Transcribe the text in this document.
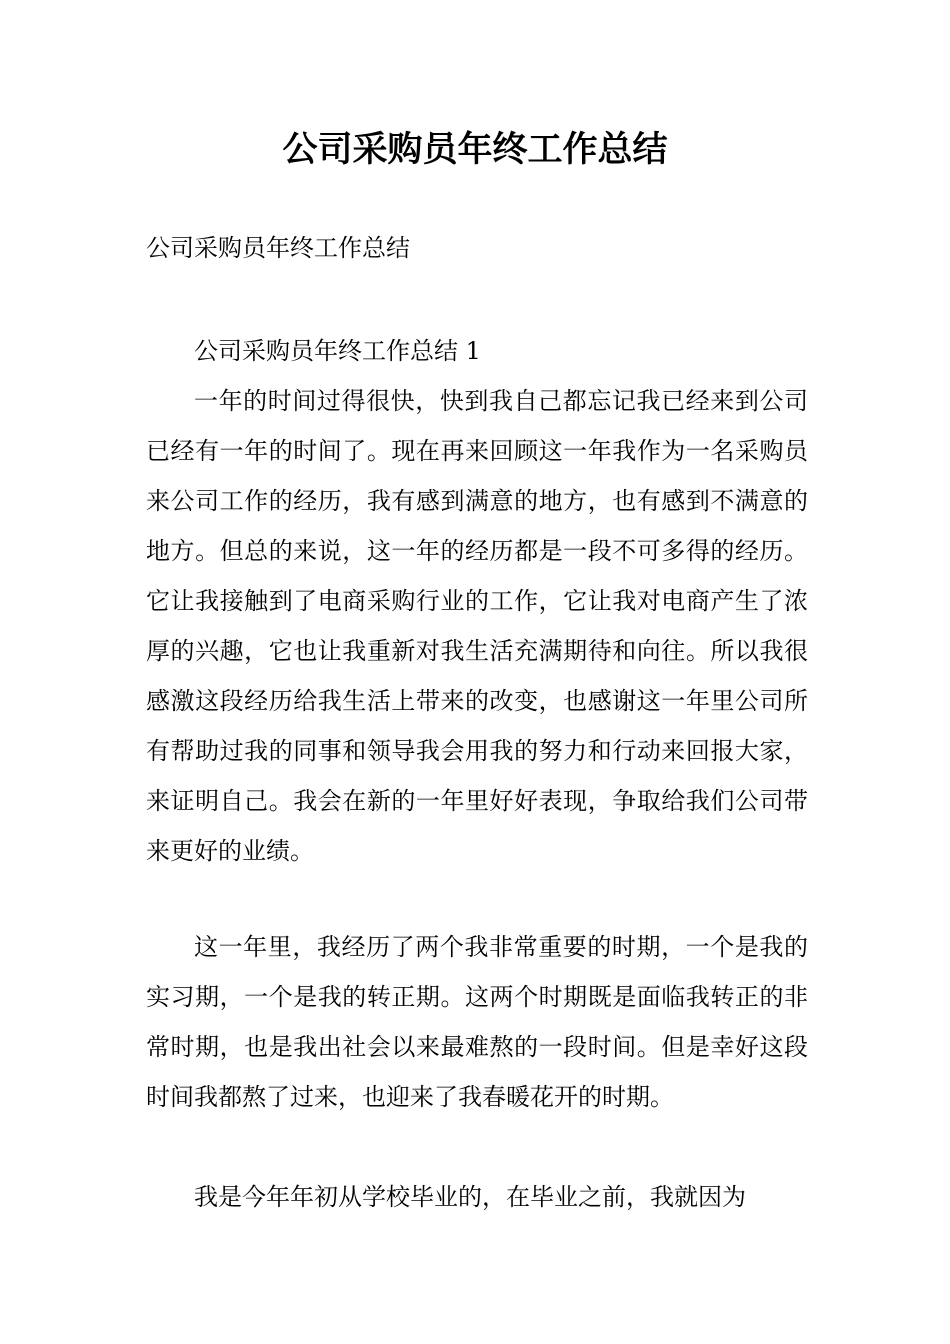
公司采购员年终工作总结

公司采购员年终工作总结

公司采购员年终工作总结 1

一年的时间过得很快，快到我自己都忘记我已经来到公司已经有一年的时间了。现在再来回顾这一年我作为一名采购员来公司工作的经历，我有感到满意的地方，也有感到不满意的地方。但总的来说，这一年的经历都是一段不可多得的经历。它让我接触到了电商采购行业的工作，它让我对电商产生了浓厚的兴趣，它也让我重新对我生活充满期待和向往。所以我很感激这段经历给我生活上带来的改变，也感谢这一年里公司所有帮助过我的同事和领导我会用我的努力和行动来回报大家，来证明自己。我会在新的一年里好好表现，争取给我们公司带来更好的业绩。

这一年里，我经历了两个我非常重要的时期，一个是我的实习期，一个是我的转正期。这两个时期既是面临我转正的非常时期，也是我出社会以来最难熬的一段时间。但是幸好这段时间我都熬了过来，也迎来了我春暖花开的时期。

我是今年年初从学校毕业的，在毕业之前，我就因为
